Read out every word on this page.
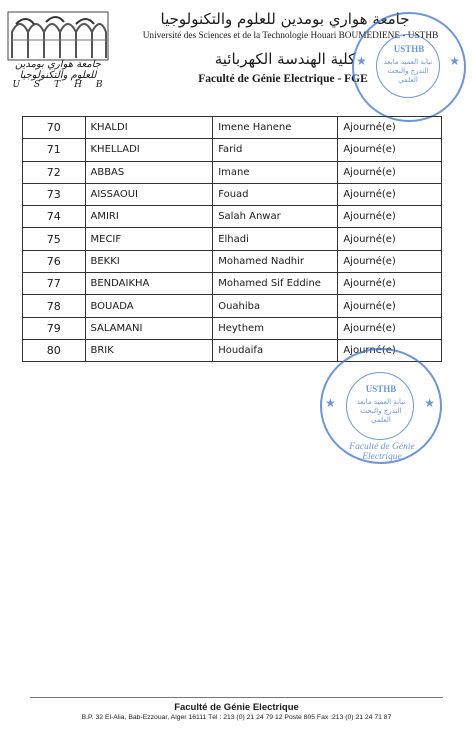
جامعة هواري بومدين للعلوم والتكنولوجيا
U S T H B
جامعة هواري بومدين للعلوم والتكنولوجيا
Université des Sciences et de la Technologie Houari BOUMEDIENE - USTHB
كلية الهندسة الكهربائية
Faculté de Génie Electrique - FGE
USTHB
نيابة العميد مابعد التدرج والبحث العلمي
★	★
70	KHALDI	Imene Hanene	Ajourné(e)
71	KHELLADI	Farid	Ajourné(e)
72	ABBAS	Imane	Ajourné(e)
73	AISSAOUI	Fouad	Ajourné(e)
74	AMIRI	Salah Anwar	Ajourné(e)
75	MECIF	Elhadi	Ajourné(e)
76	BEKKI	Mohamed Nadhir	Ajourné(e)
77	BENDAIKHA	Mohamed Sif Eddine	Ajourné(e)
78	BOUADA	Ouahiba	Ajourné(e)
79	SALAMANI	Heythem	Ajourné(e)
80	BRIK	Houdaifa	Ajourné(e)
USTHB
نيابة العميد مابعد التدرج والبحث العلمي
Faculté de Génie Electrique
★	★
Faculté de Génie Electrique
B.P. 32 El-Alia, Bab-Ezzouar, Alger 16111 Tél : 213 (0) 21 24 79 12 Poste 805 Fax :213 (0) 21 24 71 87
